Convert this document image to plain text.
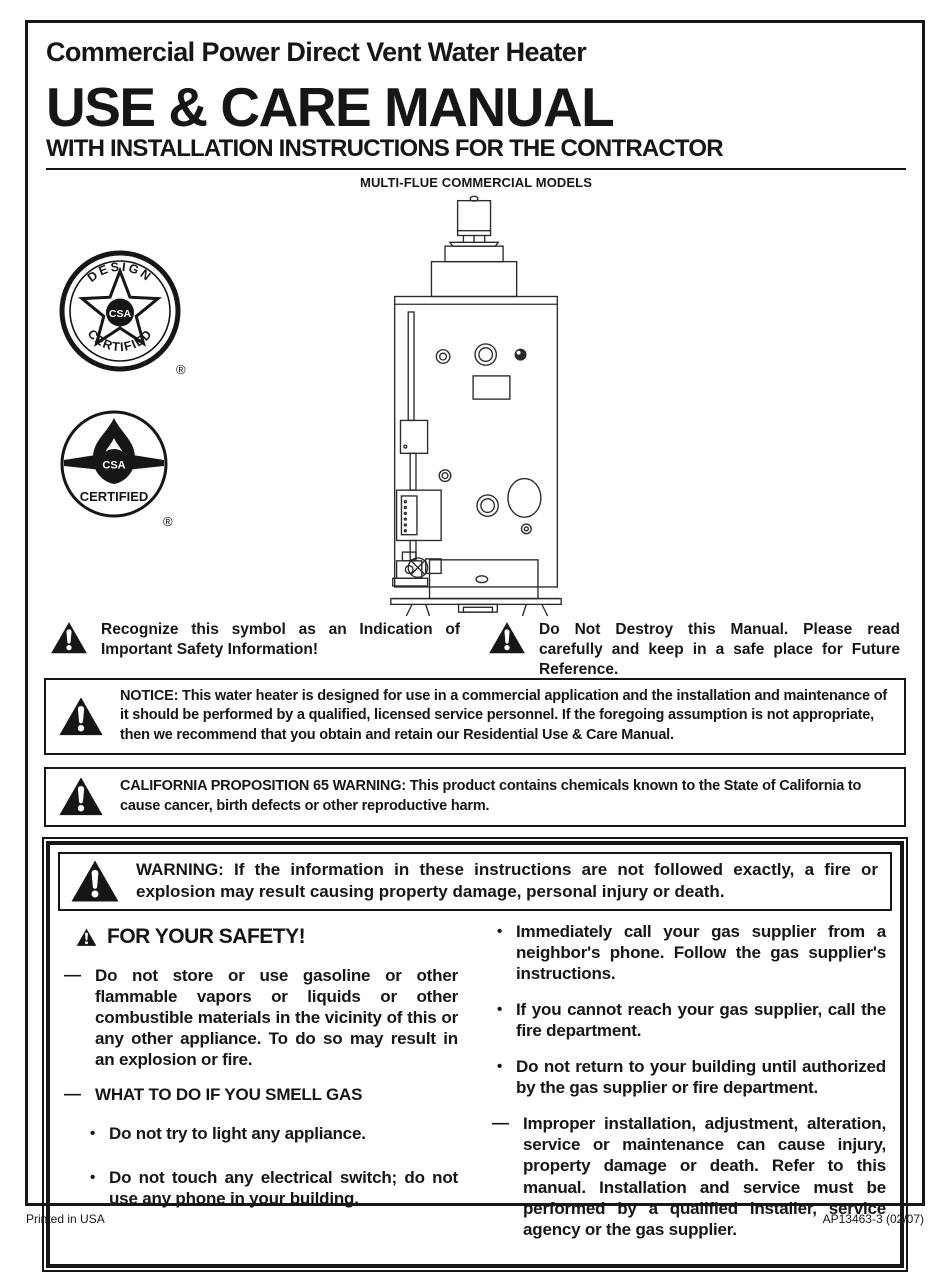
Commercial Power Direct Vent Water Heater
USE & CARE MANUAL
WITH INSTALLATION INSTRUCTIONS FOR THE CONTRACTOR
MULTI-FLUE COMMERCIAL MODELS
DESIGN
CERTIFIED
CSA
®
CSA
CERTIFIED
®

Recognize this symbol as an Indication of Important Safety Information!

Do Not Destroy this Manual. Please read carefully and keep in a safe place for Future Reference.

NOTICE: This water heater is designed for use in a commercial application and the installation and maintenance of it should be performed by a qualified, licensed service personnel. If the foregoing assumption is not appropriate, then we recommend that you obtain and retain our Residential Use & Care Manual.

CALIFORNIA PROPOSITION 65 WARNING: This product contains chemicals known to the State of California to cause cancer, birth defects or other reproductive harm.

WARNING: If the information in these instructions are not followed exactly, a fire or explosion may result causing property damage, personal injury or death.

FOR YOUR SAFETY!
— Do not store or use gasoline or other flammable vapors or liquids or other combustible materials in the vicinity of this or any other appliance. To do so may result in an explosion or fire.

— WHAT TO DO IF YOU SMELL GAS

• Do not try to light any appliance.

• Do not touch any electrical switch; do not use any phone in your building.

• Immediately call your gas supplier from a neighbor's phone. Follow the gas supplier's instructions.

• If you cannot reach your gas supplier, call the fire department.

• Do not return to your building until authorized by the gas supplier or fire department.

— Improper installation, adjustment, alteration, service or maintenance can cause injury, property damage or death. Refer to this manual. Installation and service must be performed by a qualified installer, service agency or the gas supplier.

Printed in USA	AP13463-3 (02/07)
